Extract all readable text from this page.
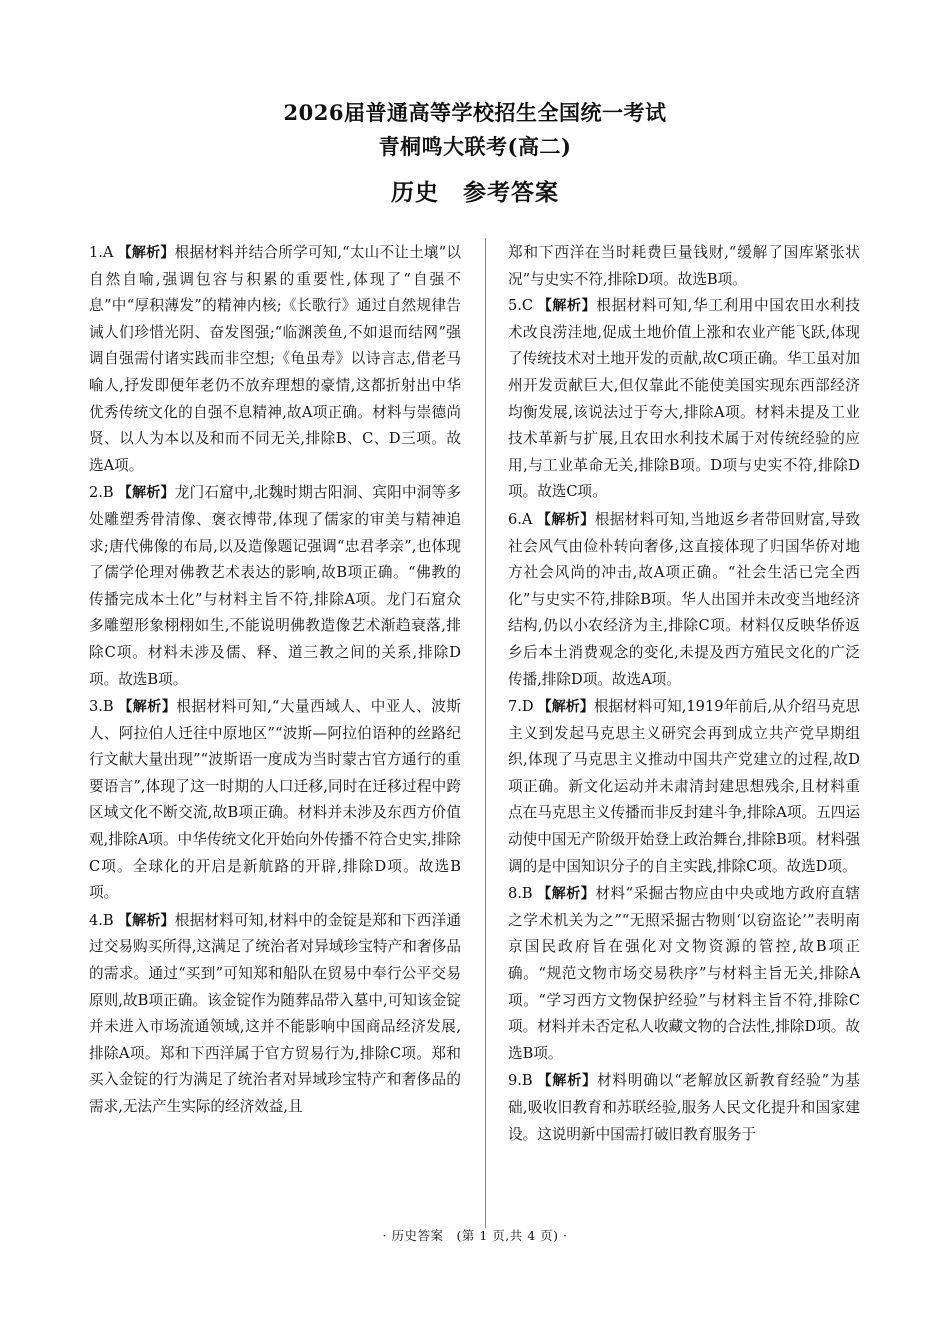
2026届普通高等学校招生全国统一考试
青桐鸣大联考(高二)
历史　参考答案

1.A 【解析】根据材料并结合所学可知,“太山不让土壤”以自然自喻,强调包容与积累的重要性,体现了“自强不息”中“厚积薄发”的精神内核;《长歌行》通过自然规律告诫人们珍惜光阴、奋发图强;“临渊羡鱼,不如退而结网”强调自强需付诸实践而非空想;《龟虽寿》以诗言志,借老马喻人,抒发即便年老仍不放弃理想的豪情,这都折射出中华优秀传统文化的自强不息精神,故A项正确。材料与崇德尚贤、以人为本以及和而不同无关,排除B、C、D三项。故选A项。

2.B 【解析】龙门石窟中,北魏时期古阳洞、宾阳中洞等多处雕塑秀骨清像、褒衣博带,体现了儒家的审美与精神追求;唐代佛像的布局,以及造像题记强调“忠君孝亲”,也体现了儒学伦理对佛教艺术表达的影响,故B项正确。“佛教的传播完成本土化”与材料主旨不符,排除A项。龙门石窟众多雕塑形象栩栩如生,不能说明佛教造像艺术渐趋衰落,排除C项。材料未涉及儒、释、道三教之间的关系,排除D项。故选B项。

3.B 【解析】根据材料可知,“大量西域人、中亚人、波斯人、阿拉伯人迁往中原地区”“波斯—阿拉伯语种的丝路纪行文献大量出现”“波斯语一度成为当时蒙古官方通行的重要语言”,体现了这一时期的人口迁移,同时在迁移过程中跨区域文化不断交流,故B项正确。材料并未涉及东西方价值观,排除A项。中华传统文化开始向外传播不符合史实,排除C项。全球化的开启是新航路的开辟,排除D项。故选B项。

4.B 【解析】根据材料可知,材料中的金锭是郑和下西洋通过交易购买所得,这满足了统治者对异域珍宝特产和奢侈品的需求。通过“买到”可知郑和船队在贸易中奉行公平交易原则,故B项正确。该金锭作为随葬品带入墓中,可知该金锭并未进入市场流通领域,这并不能影响中国商品经济发展,排除A项。郑和下西洋属于官方贸易行为,排除C项。郑和买入金锭的行为满足了统治者对异域珍宝特产和奢侈品的需求,无法产生实际的经济效益,且

郑和下西洋在当时耗费巨量钱财,“缓解了国库紧张状况”与史实不符,排除D项。故选B项。

5.C 【解析】根据材料可知,华工利用中国农田水利技术改良涝洼地,促成土地价值上涨和农业产能飞跃,体现了传统技术对土地开发的贡献,故C项正确。华工虽对加州开发贡献巨大,但仅靠此不能使美国实现东西部经济均衡发展,该说法过于夸大,排除A项。材料未提及工业技术革新与扩展,且农田水利技术属于对传统经验的应用,与工业革命无关,排除B项。D项与史实不符,排除D项。故选C项。

6.A 【解析】根据材料可知,当地返乡者带回财富,导致社会风气由俭朴转向奢侈,这直接体现了归国华侨对地方社会风尚的冲击,故A项正确。“社会生活已完全西化”与史实不符,排除B项。华人出国并未改变当地经济结构,仍以小农经济为主,排除C项。材料仅反映华侨返乡后本土消费观念的变化,未提及西方殖民文化的广泛传播,排除D项。故选A项。

7.D 【解析】根据材料可知,1919年前后,从介绍马克思主义到发起马克思主义研究会再到成立共产党早期组织,体现了马克思主义推动中国共产党建立的过程,故D项正确。新文化运动并未肃清封建思想残余,且材料重点在马克思主义传播而非反封建斗争,排除A项。五四运动使中国无产阶级开始登上政治舞台,排除B项。材料强调的是中国知识分子的自主实践,排除C项。故选D项。

8.B 【解析】材料“采掘古物应由中央或地方政府直辖之学术机关为之”“无照采掘古物则‘以窃盗论’”表明南京国民政府旨在强化对文物资源的管控,故B项正确。“规范文物市场交易秩序”与材料主旨无关,排除A项。“学习西方文物保护经验”与材料主旨不符,排除C项。材料并未否定私人收藏文物的合法性,排除D项。故选B项。

9.B 【解析】材料明确以“老解放区新教育经验”为基础,吸收旧教育和苏联经验,服务人民文化提升和国家建设。这说明新中国需打破旧教育服务于

· 历史答案　(第 1 页,共 4 页) ·
